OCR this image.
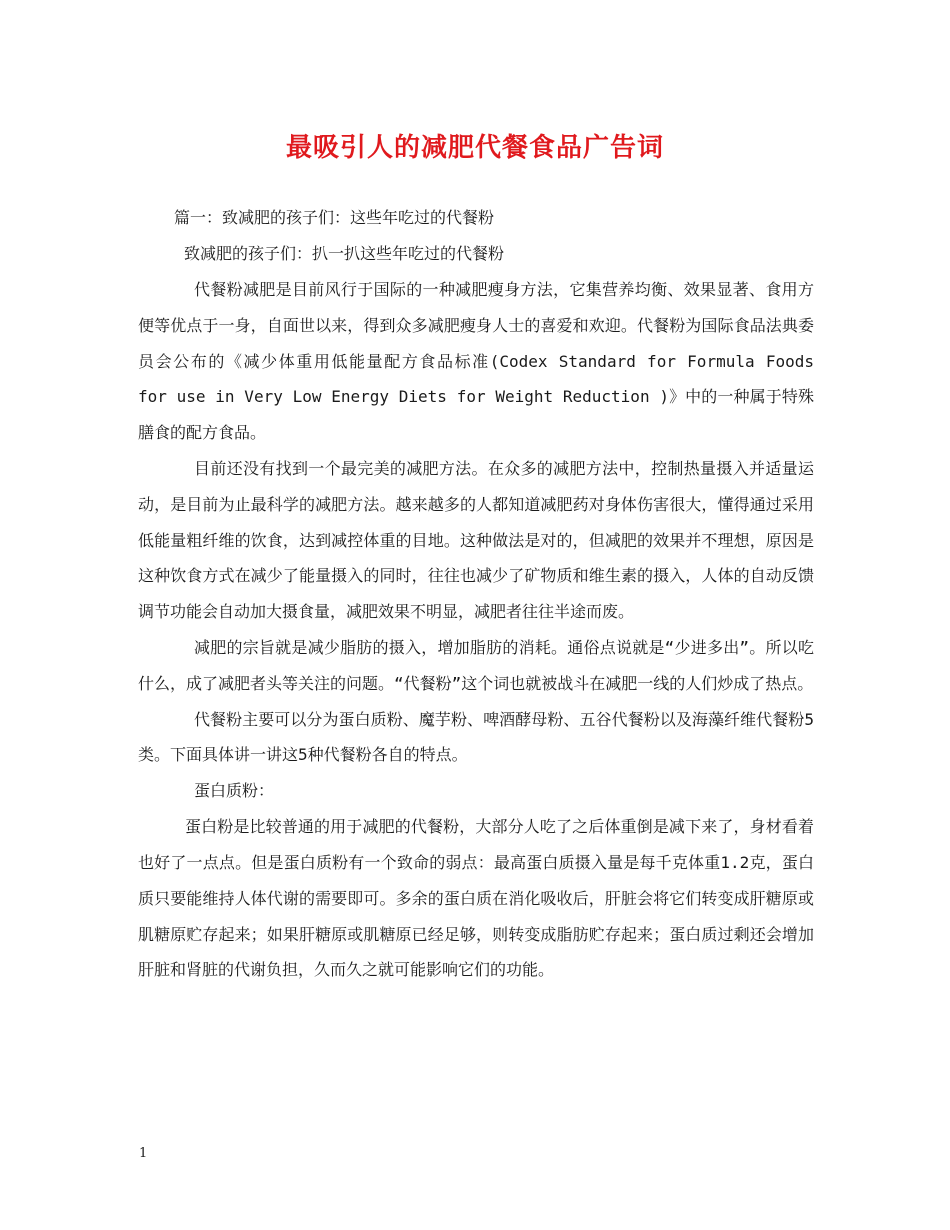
最吸引人的减肥代餐食品广告词
篇一：致减肥的孩子们：这些年吃过的代餐粉
致减肥的孩子们：扒一扒这些年吃过的代餐粉

代餐粉减肥是目前风行于国际的一种减肥瘦身方法，它集营养均衡、效果显著、食用方便等优点于一身，自面世以来，得到众多减肥瘦身人士的喜爱和欢迎。代餐粉为国际食品法典委员会公布的《减少体重用低能量配方食品标准(Codex Standard for Formula Foods for use in Very Low Energy Diets for Weight Reduction )》中的一种属于特殊膳食的配方食品。

目前还没有找到一个最完美的减肥方法。在众多的减肥方法中，控制热量摄入并适量运动，是目前为止最科学的减肥方法。越来越多的人都知道减肥药对身体伤害很大，懂得通过采用低能量粗纤维的饮食，达到减控体重的目地。这种做法是对的，但减肥的效果并不理想，原因是这种饮食方式在减少了能量摄入的同时，往往也减少了矿物质和维生素的摄入，人体的自动反馈调节功能会自动加大摄食量，减肥效果不明显，减肥者往往半途而废。

减肥的宗旨就是减少脂肪的摄入，增加脂肪的消耗。通俗点说就是“少进多出”。所以吃什么，成了减肥者头等关注的问题。“代餐粉”这个词也就被战斗在减肥一线的人们炒成了热点。

代餐粉主要可以分为蛋白质粉、魔芋粉、啤酒酵母粉、五谷代餐粉以及海藻纤维代餐粉5类。下面具体讲一讲这5种代餐粉各自的特点。

蛋白质粉：

蛋白粉是比较普通的用于减肥的代餐粉，大部分人吃了之后体重倒是减下来了，身材看着也好了一点点。但是蛋白质粉有一个致命的弱点：最高蛋白质摄入量是每千克体重1.2克，蛋白质只要能维持人体代谢的需要即可。多余的蛋白质在消化吸收后，肝脏会将它们转变成肝糖原或肌糖原贮存起来；如果肝糖原或肌糖原已经足够，则转变成脂肪贮存起来；蛋白质过剩还会增加肝脏和肾脏的代谢负担，久而久之就可能影响它们的功能。

1
